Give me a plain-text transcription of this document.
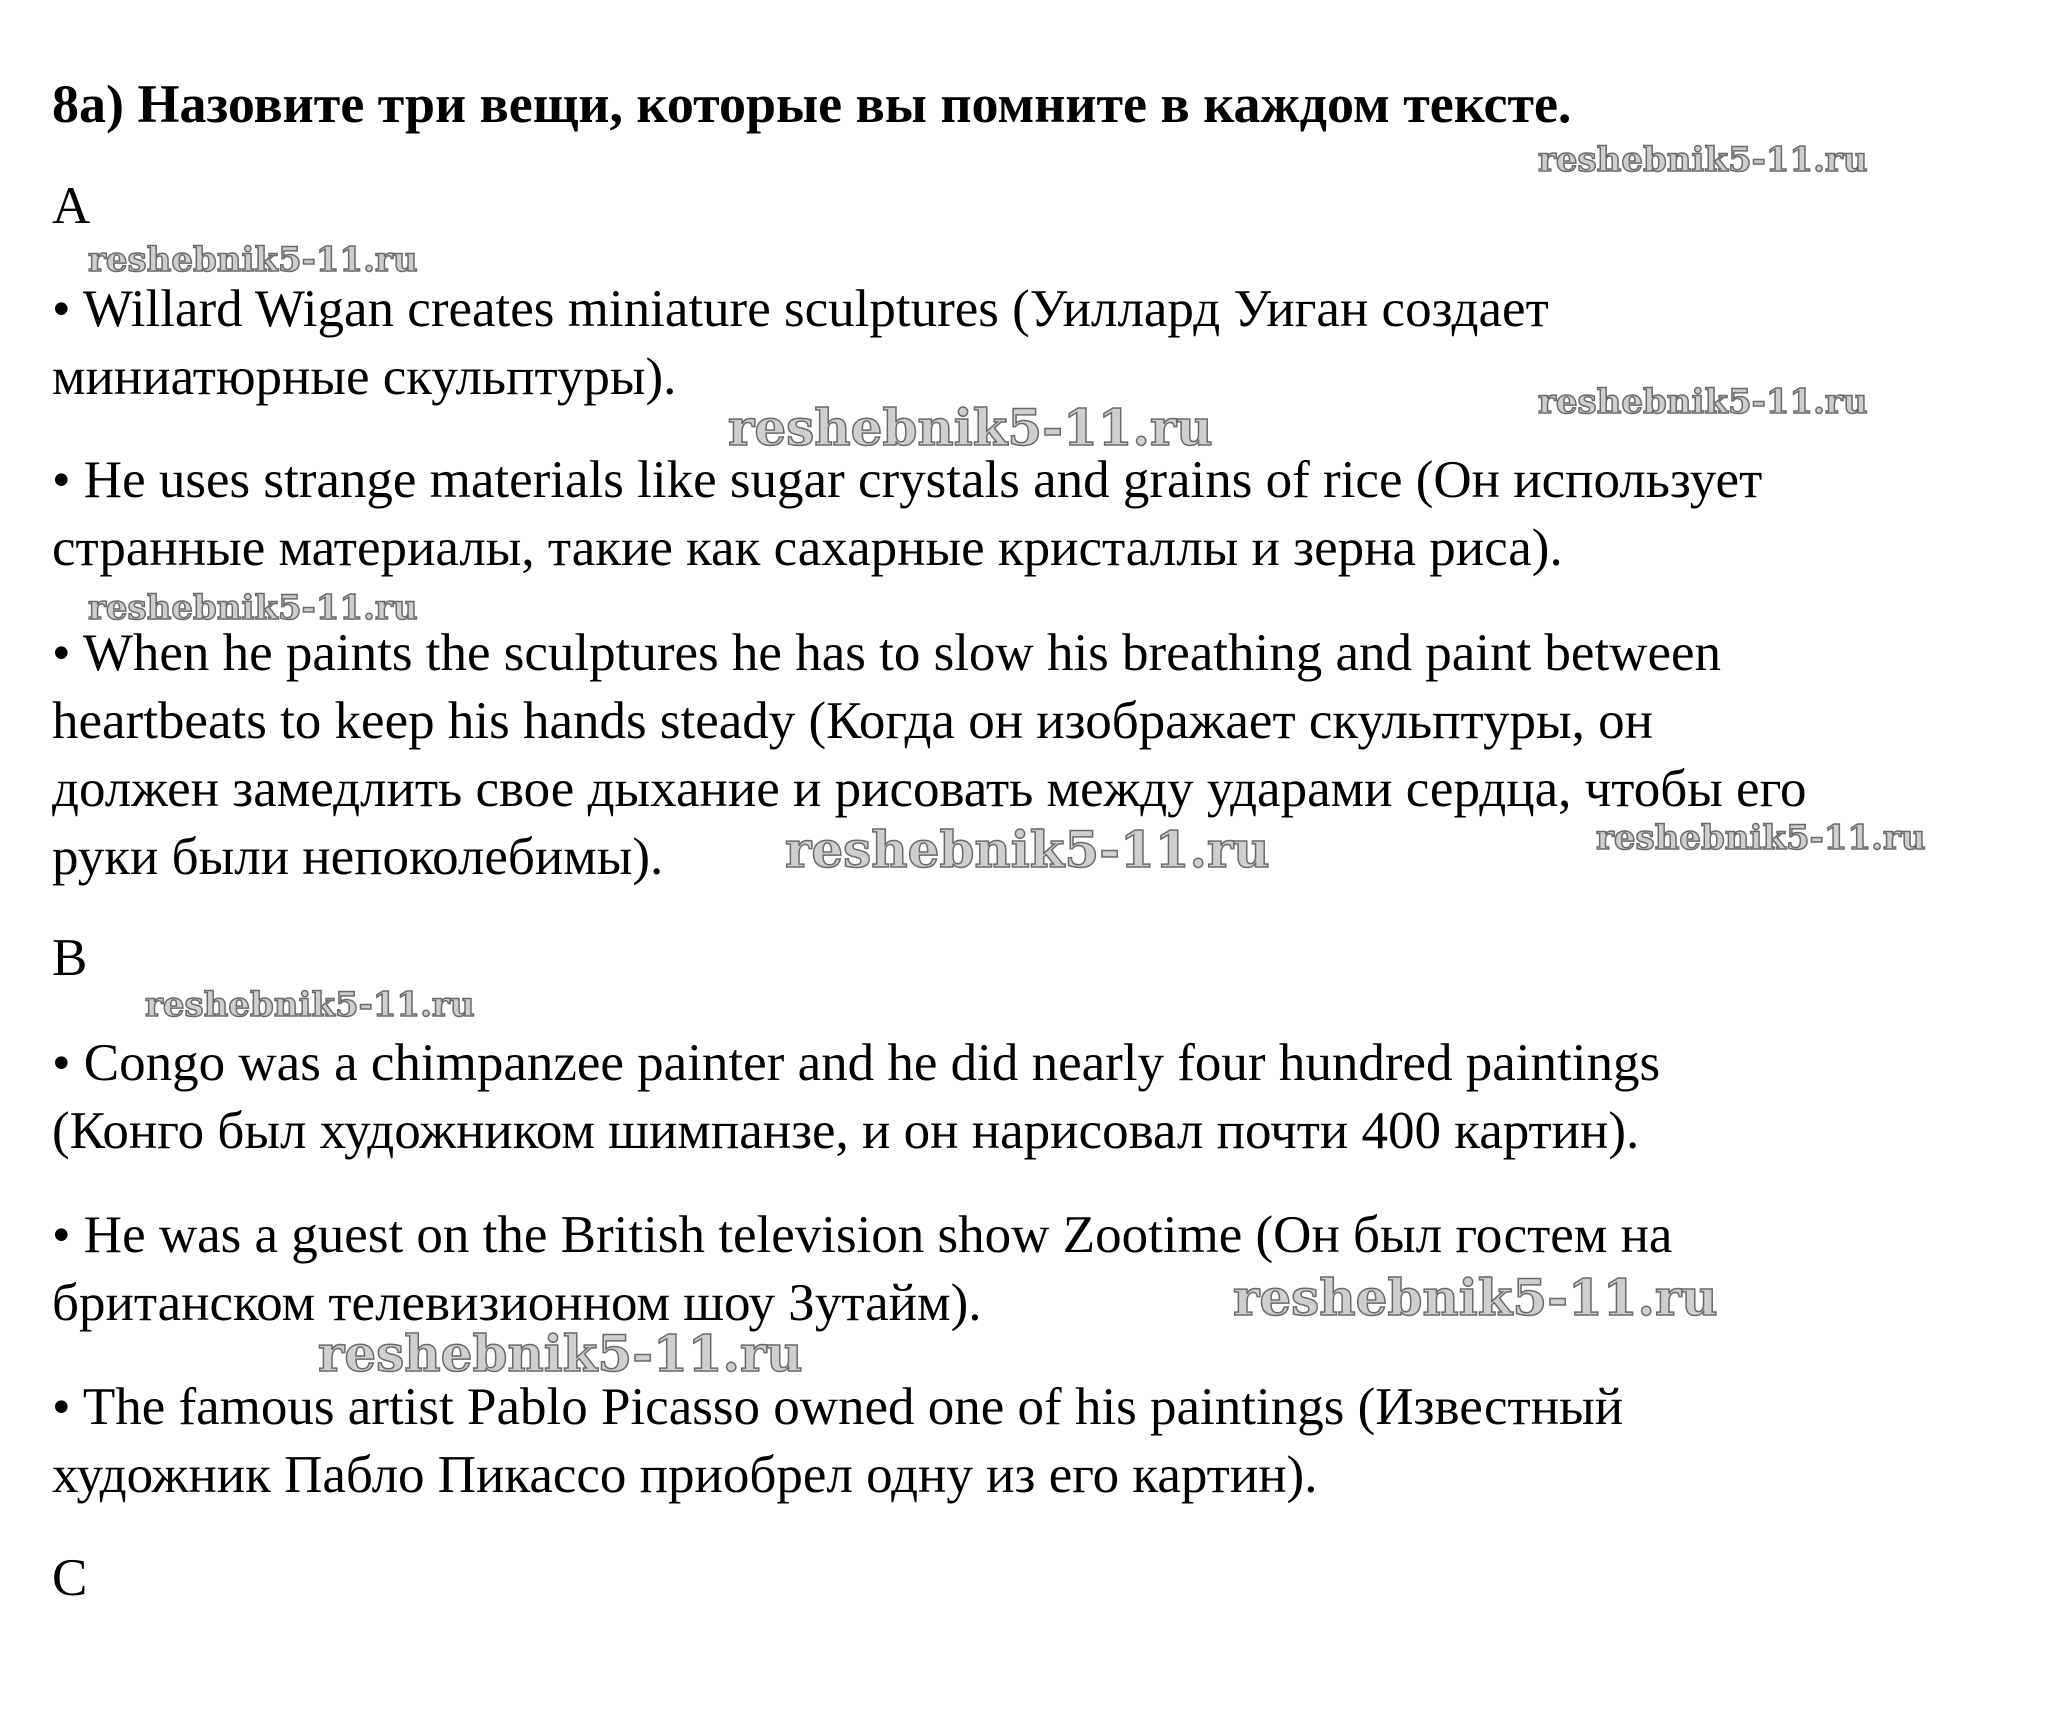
8a) Назовите три вещи, которые вы помните в каждом тексте.
A
• Willard Wigan creates miniature sculptures (Уиллард Уиган создает
миниатюрные скульптуры).
• He uses strange materials like sugar crystals and grains of rice (Он использует
странные материалы, такие как сахарные кристаллы и зерна риса).
• When he paints the sculptures he has to slow his breathing and paint between
heartbeats to keep his hands steady (Когда он изображает скульптуры, он
должен замедлить свое дыхание и рисовать между ударами сердца, чтобы его
руки были непоколебимы).
B
• Congo was a chimpanzee painter and he did nearly four hundred paintings
(Конго был художником шимпанзе, и он нарисовал почти 400 картин).
• He was a guest on the British television show Zootime (Он был гостем на
британском телевизионном шоу Зутайм).
• The famous artist Pablo Picasso owned one of his paintings (Известный
художник Пабло Пикассо приобрел одну из его картин).
C
reshebnik5-11.ru
reshebnik5-11.ru
reshebnik5-11.ru
reshebnik5-11.ru
reshebnik5-11.ru
reshebnik5-11.ru	reshebnik5-11.ru
reshebnik5-11.ru
reshebnik5-11.ru
reshebnik5-11.ru
